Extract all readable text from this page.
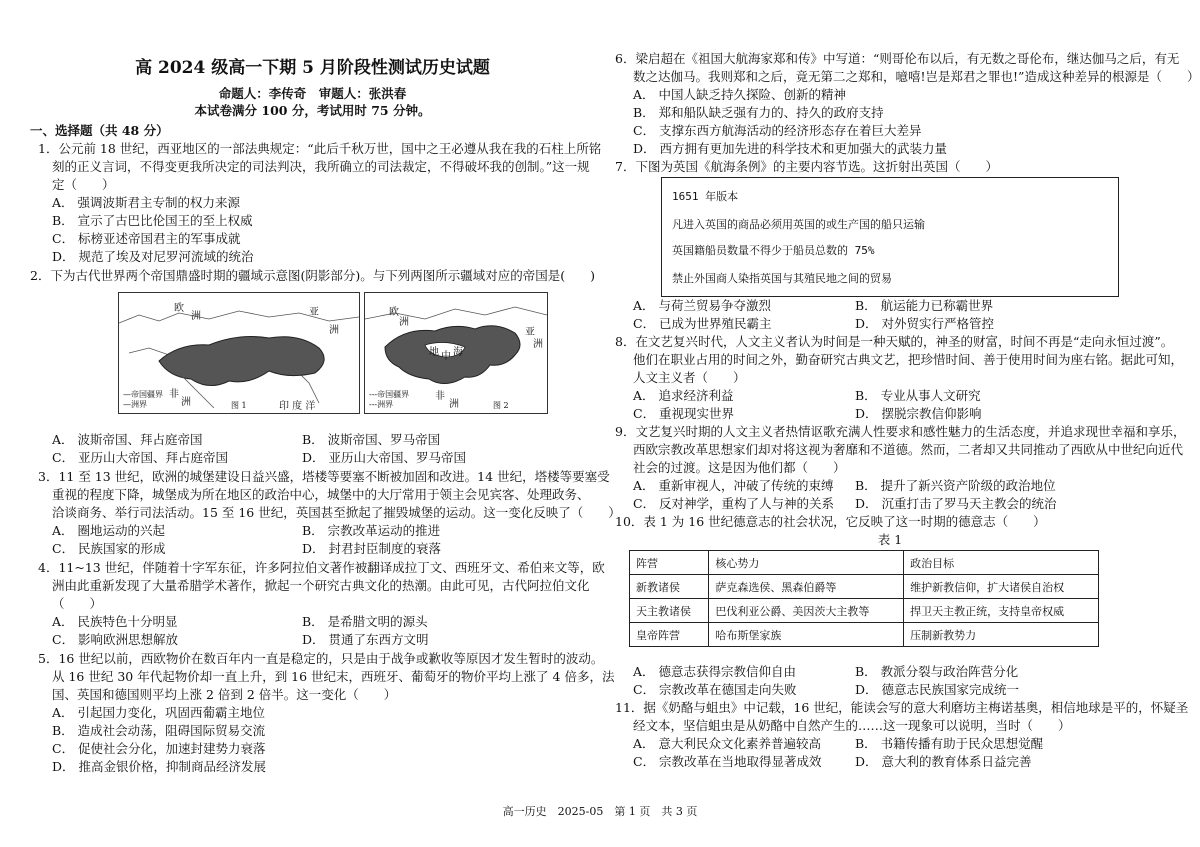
高 2024 级高一下期 5 月阶段性测试历史试题
命题人：李传奇　审题人：张洪春
本试卷满分 100 分，考试用时 75 分钟。
一、选择题（共 48 分）
1．公元前 18 世纪，西亚地区的一部法典规定：“此后千秋万世，国中之王必遵从我在我的石柱上所铭
刻的正义言词，不得变更我所决定的司法判决，我所确立的司法裁定，不得破坏我的创制。”这一规
定（　　）
A． 强调波斯君主专制的权力来源
B． 宣示了古巴比伦国王的至上权威
C． 标榜亚述帝国君主的军事成就
D． 规范了埃及对尼罗河流域的统治
2．下为古代世界两个帝国鼎盛时期的疆域示意图(阴影部分)。与下列两图所示疆域对应的帝国是(　　)
欧
洲	亚
洲
非
洲	印 度 洋
—帝国疆界
—洲界	图 1
欧
洲
亚
洲
地 中 海
非
洲
---帝国疆界
---洲界	图 2
A． 波斯帝国、拜占庭帝国	B． 波斯帝国、罗马帝国
C． 亚历山大帝国、拜占庭帝国	D． 亚历山大帝国、罗马帝国
3．11 至 13 世纪，欧洲的城堡建设日益兴盛，塔楼等要塞不断被加固和改进。14 世纪，塔楼等要塞受
重视的程度下降，城堡成为所在地区的政治中心，城堡中的大厅常用于领主会见宾客、处理政务、
洽谈商务、举行司法活动。15 至 16 世纪，英国甚至掀起了摧毁城堡的运动。这一变化反映了（　　）
A． 圈地运动的兴起	B． 宗教改革运动的推进
C． 民族国家的形成	D． 封君封臣制度的衰落
4．11~13 世纪，伴随着十字军东征，许多阿拉伯文著作被翻译成拉丁文、西班牙文、希伯来文等，欧
洲由此重新发现了大量希腊学术著作，掀起一个研究古典文化的热潮。由此可见，古代阿拉伯文化
（　　）
A． 民族特色十分明显	B． 是希腊文明的源头
C． 影响欧洲思想解放	D． 贯通了东西方文明
5．16 世纪以前，西欧物价在数百年内一直是稳定的，只是由于战争或歉收等原因才发生暂时的波动。
从 16 世纪 30 年代起物价却一直上升，到 16 世纪末，西班牙、葡萄牙的物价平均上涨了 4 倍多，法
国、英国和德国则平均上涨 2 倍到 2 倍半。这一变化（　　）
A． 引起国力变化，巩固西葡霸主地位
B． 造成社会动荡，阻碍国际贸易交流
C． 促使社会分化，加速封建势力衰落
D． 推高金银价格，抑制商品经济发展
6．梁启超在《祖国大航海家郑和传》中写道：“则哥伦布以后，有无数之哥伦布，继达伽马之后，有无
数之达伽马。我则郑和之后，竟无第二之郑和，噫嘻!岂是郑君之罪也!”造成这种差异的根源是（　　）
A． 中国人缺乏持久探险、创新的精神
B． 郑和船队缺乏强有力的、持久的政府支持
C． 支撑东西方航海活动的经济形态存在着巨大差异
D． 西方拥有更加先进的科学技术和更加强大的武装力量
7．下图为英国《航海条例》的主要内容节选。这折射出英国（　　）
1651 年版本
凡进入英国的商品必须用英国的或生产国的船只运输
英国籍船员数量不得少于船员总数的 75%
禁止外国商人染指英国与其殖民地之间的贸易
A． 与荷兰贸易争夺激烈	B． 航运能力已称霸世界
C． 已成为世界殖民霸主	D． 对外贸实行严格管控
8．在文艺复兴时代，人文主义者认为时间是一种天赋的，神圣的财富，时间不再是“走向永恒过渡”。
他们在职业占用的时间之外，勤奋研究古典文艺，把珍惜时间、善于使用时间为座右铭。据此可知，
人文主义者（　　）
A． 追求经济利益	B． 专业从事人文研究
C． 重视现实世界	D． 摆脱宗教信仰影响
9．文艺复兴时期的人文主义者热情讴歌充满人性要求和感性魅力的生活态度，并追求现世幸福和享乐，
西欧宗教改革思想家们却对将这视为奢靡和不道德。然而，二者却又共同推动了西欧从中世纪向近代
社会的过渡。这是因为他们都（　　）
A． 重新审视人，冲破了传统的束缚 B． 提升了新兴资产阶级的政治地位
C． 反对神学，重构了人与神的关系 D． 沉重打击了罗马天主教会的统治
10．表 1 为 16 世纪德意志的社会状况，它反映了这一时期的德意志（　　）
表 1
阵营	核心势力	政治目标
新教诸侯	萨克森选侯、黑森伯爵等	维护新教信仰，扩大诸侯自治权
天主教诸侯	巴伐利亚公爵、美因茨大主教等	捍卫天主教正统，支持皇帝权威
皇帝阵营	哈布斯堡家族	压制新教势力
A． 德意志获得宗教信仰自由	B． 教派分裂与政治阵营分化
C． 宗教改革在德国走向失败	D． 德意志民族国家完成统一
11．据《奶酪与蛆虫》中记载，16 世纪，能读会写的意大利磨坊主梅诺基奥，相信地球是平的，怀疑圣
经文本，坚信蛆虫是从奶酪中自然产生的……这一现象可以说明，当时（　　）
A． 意大利民众文化素养普遍较高	B． 书籍传播有助于民众思想觉醒
C． 宗教改革在当地取得显著成效	D． 意大利的教育体系日益完善
高一历史　2025-05　第 1 页　共 3 页
